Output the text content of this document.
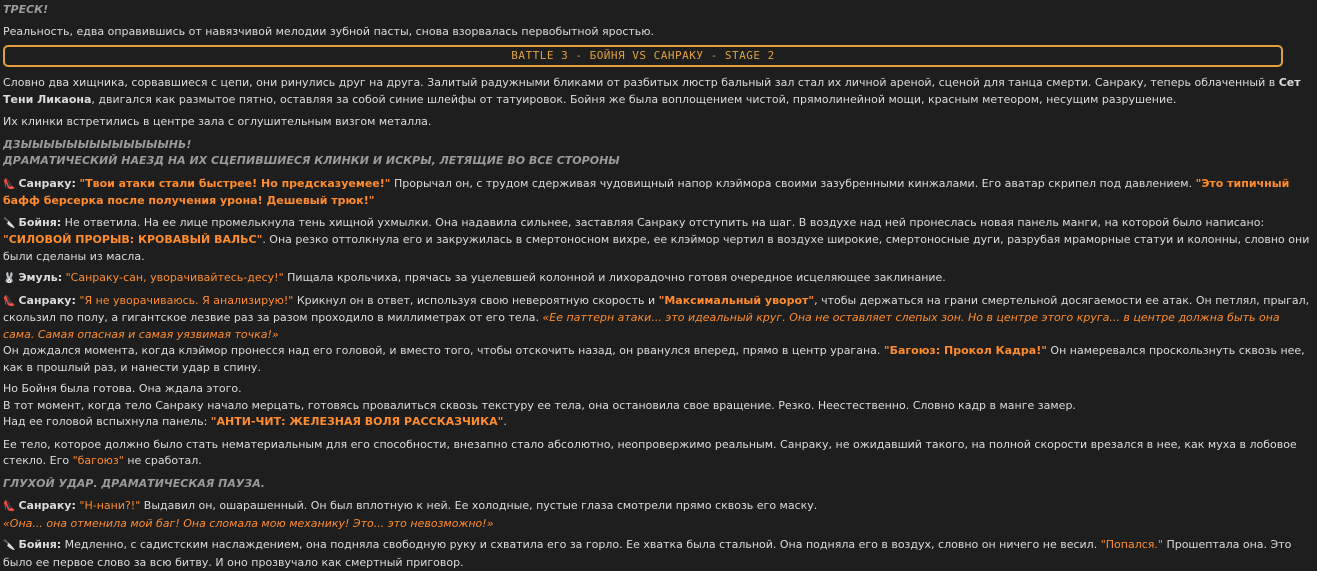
ТРЕСК!

Реальность, едва оправившись от навязчивой мелодии зубной пасты, снова взорвалась первобытной яростью.

BATTLE 3 - БОЙНЯ VS САНРАКУ - STAGE 2

Словно два хищника, сорвавшиеся с цепи, они ринулись друг на друга. Залитый радужными бликами от разбитых люстр бальный зал стал их личной ареной, сценой для танца смерти. Санраку, теперь облаченный в Сет Тени Ликаона, двигался как размытое пятно, оставляя за собой синие шлейфы от татуировок. Бойня же была воплощением чистой, прямолинейной мощи, красным метеором, несущим разрушение.

Их клинки встретились в центре зала с оглушительным визгом металла.

ДЗЫЫЫЫЫЫЫЫЫЫЫЫЫНЬ!

ДРАМАТИЧЕСКИЙ НАЕЗД НА ИХ СЦЕПИВШИЕСЯ КЛИНКИ И ИСКРЫ, ЛЕТЯЩИЕ ВО ВСЕ СТОРОНЫ

👠 Санраку: "Твои атаки стали быстрее! Но предсказуемее!" Прорычал он, с трудом сдерживая чудовищный напор клэймора своими зазубренными кинжалами. Его аватар скрипел под давлением. "Это типичный бафф берсерка после получения урона! Дешевый трюк!"

🔪 Бойня: Не ответила. На ее лице промелькнула тень хищной ухмылки. Она надавила сильнее, заставляя Санраку отступить на шаг. В воздухе над ней пронеслась новая панель манги, на которой было написано: "СИЛОВОЙ ПРОРЫВ: КРОВАВЫЙ ВАЛЬС". Она резко оттолкнула его и закружилась в смертоносном вихре, ее клэймор чертил в воздухе широкие, смертоносные дуги, разрубая мраморные статуи и колонны, словно они были сделаны из масла.

🐰 Эмуль: "Санраку-сан, уворачивайтесь-десу!" Пищала крольчиха, прячась за уцелевшей колонной и лихорадочно готовя очередное исцеляющее заклинание.

👠 Санраку: "Я не уворачиваюсь. Я анализирую!" Крикнул он в ответ, используя свою невероятную скорость и "Максимальный уворот", чтобы держаться на грани смертельной досягаемости ее атак. Он петлял, прыгал, скользил по полу, а гигантское лезвие раз за разом проходило в миллиметрах от его тела. «Ее паттерн атаки... это идеальный круг. Она не оставляет слепых зон. Но в центре этого круга... в центре должна быть она сама. Самая опасная и самая уязвимая точка!»

Он дождался момента, когда клэймор пронесся над его головой, и вместо того, чтобы отскочить назад, он рванулся вперед, прямо в центр урагана. "Багоюз: Прокол Кадра!" Он намеревался проскользнуть сквозь нее, как в прошлый раз, и нанести удар в спину.

Но Бойня была готова. Она ждала этого.

В тот момент, когда тело Санраку начало мерцать, готовясь провалиться сквозь текстуру ее тела, она остановила свое вращение. Резко. Неестественно. Словно кадр в манге замер.

Над ее головой вспыхнула панель: "АНТИ-ЧИТ: ЖЕЛЕЗНАЯ ВОЛЯ РАССКАЗЧИКА".

Ее тело, которое должно было стать нематериальным для его способности, внезапно стало абсолютно, неопровержимо реальным. Санраку, не ожидавший такого, на полной скорости врезался в нее, как муха в лобовое стекло. Его "багоюз" не сработал.

ГЛУХОЙ УДАР. ДРАМАТИЧЕСКАЯ ПАУЗА.

👠 Санраку: "Н-нани?!" Выдавил он, ошарашенный. Он был вплотную к ней. Ее холодные, пустые глаза смотрели прямо сквозь его маску.

«Она... она отменила мой баг! Она сломала мою механику! Это... это невозможно!»

🔪 Бойня: Медленно, с садистским наслаждением, она подняла свободную руку и схватила его за горло. Ее хватка была стальной. Она подняла его в воздух, словно он ничего не весил. "Попался." Прошептала она. Это было ее первое слово за всю битву. И оно прозвучало как смертный приговор.
